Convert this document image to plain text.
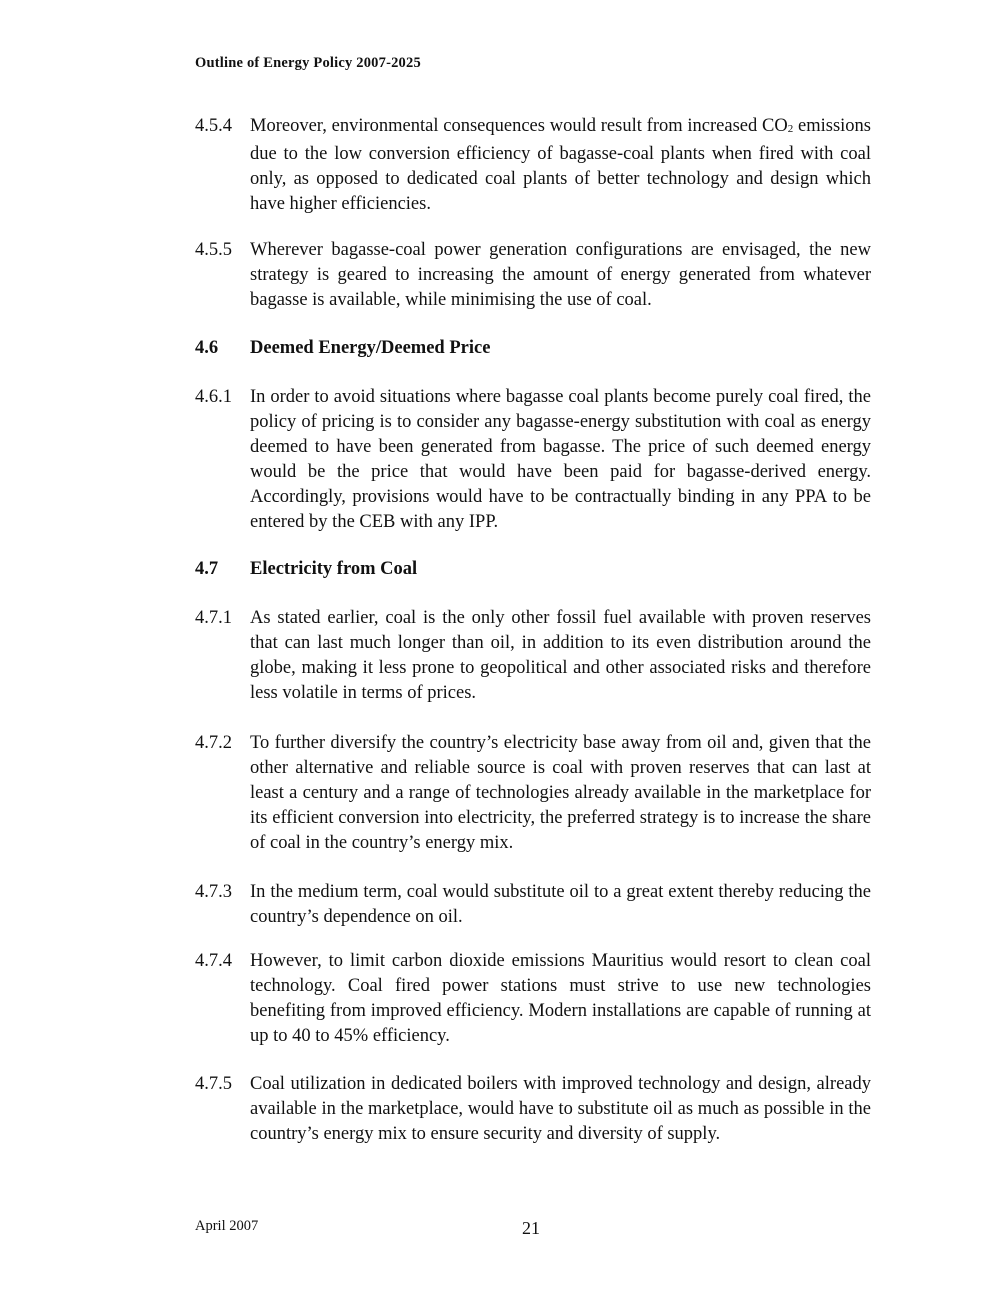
Outline of Energy Policy 2007-2025
4.5.4 Moreover, environmental consequences would result from increased $CO_2$ emissions due to the low conversion efficiency of bagasse-coal plants when fired with coal only, as opposed to dedicated coal plants of better technology and design which have higher efficiencies.
4.5.5 Wherever bagasse-coal power generation configurations are envisaged, the new strategy is geared to increasing the amount of energy generated from whatever bagasse is available, while minimising the use of coal.
4.6 Deemed Energy/Deemed Price
4.6.1 In order to avoid situations where bagasse coal plants become purely coal fired, the policy of pricing is to consider any bagasse-energy substitution with coal as energy deemed to have been generated from bagasse. The price of such deemed energy would be the price that would have been paid for bagasse-derived energy. Accordingly, provisions would have to be contractually binding in any PPA to be entered by the CEB with any IPP.
4.7 Electricity from Coal
4.7.1 As stated earlier, coal is the only other fossil fuel available with proven reserves that can last much longer than oil, in addition to its even distribution around the globe, making it less prone to geopolitical and other associated risks and therefore less volatile in terms of prices.
4.7.2 To further diversify the country’s electricity base away from oil and, given that the other alternative and reliable source is coal with proven reserves that can last at least a century and a range of technologies already available in the marketplace for its efficient conversion into electricity, the preferred strategy is to increase the share of coal in the country’s energy mix.
4.7.3 In the medium term, coal would substitute oil to a great extent thereby reducing the country’s dependence on oil.
4.7.4 However, to limit carbon dioxide emissions Mauritius would resort to clean coal technology. Coal fired power stations must strive to use new technologies benefiting from improved efficiency. Modern installations are capable of running at up to 40 to 45% efficiency.
4.7.5 Coal utilization in dedicated boilers with improved technology and design, already available in the marketplace, would have to substitute oil as much as possible in the country’s energy mix to ensure security and diversity of supply.
April 2007	21
